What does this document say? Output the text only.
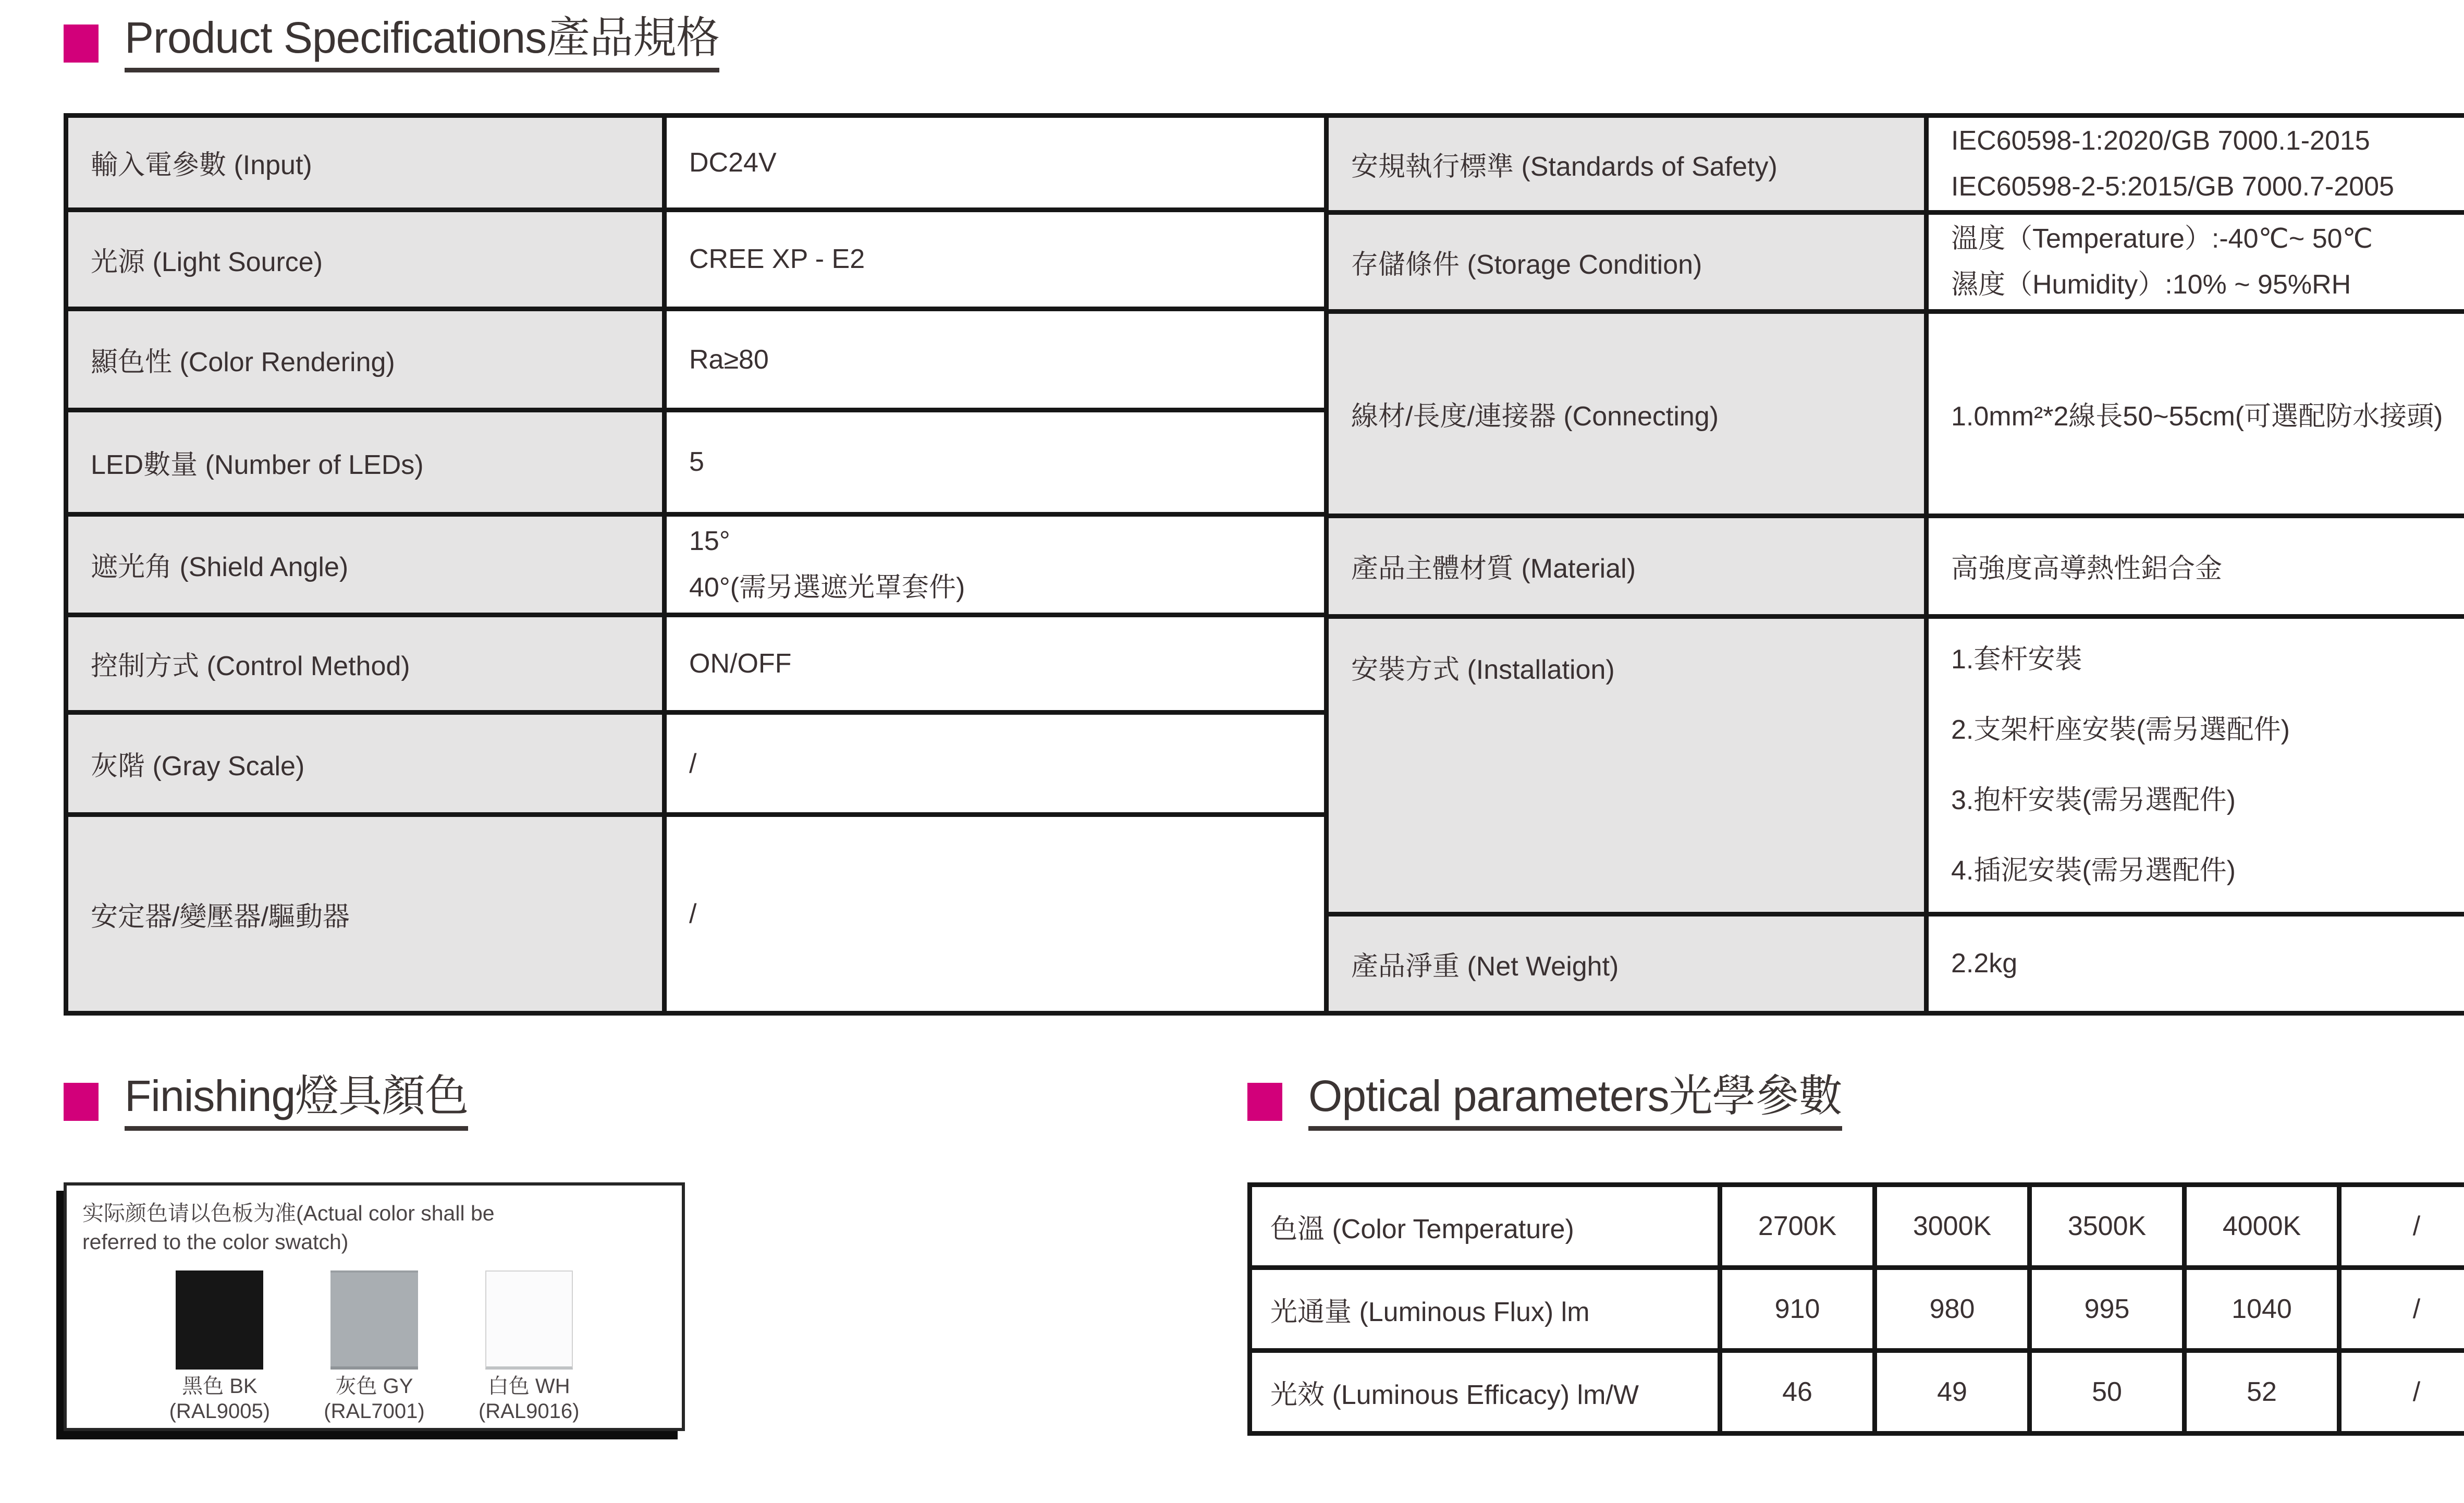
Product Specifications產品規格
輸入電參數 (Input)	DC24V
光源 (Light Source)	CREE XP - E2
顯色性 (Color Rendering)	Ra≥80
LED數量 (Number of LEDs)	5
遮光角 (Shield Angle)	15°
40°(需另選遮光罩套件)

控制方式 (Control Method)	ON/OFF
灰階 (Gray Scale)	/
安定器/變壓器/驅動器	/
安規執行標準 (Standards of Safety)	IEC60598-1:2020/GB 7000.1-2015
IEC60598-2-5:2015/GB 7000.7-2005

存儲條件 (Storage Condition)	溫度（Temperature）:-40℃~ 50℃
濕度（Humidity）:10% ~ 95%RH

線材/長度/連接器 (Connecting)	1.0mm²*2線長50~55cm(可選配防水接頭)
產品主體材質 (Material)	高強度高導熱性鋁合金
安裝方式 (Installation)	1.套杆安裝
2.支架杆座安裝(需另選配件)
3.抱杆安裝(需另選配件)
4.插泥安裝(需另選配件)

產品淨重 (Net Weight)	2.2kg
Finishing燈具顏色
实际颜色请以色板为准(Actual color shall be
referred to the color swatch)
黑色 BK
(RAL9005)
灰色 GY
(RAL7001)
白色 WH
(RAL9016)
Optical parameters光學參數
色溫 (Color Temperature)	2700K	3000K	3500K	4000K	/
光通量 (Luminous Flux) lm	910	980	995	1040	/
光效 (Luminous Efficacy) lm/W	46	49	50	52	/
